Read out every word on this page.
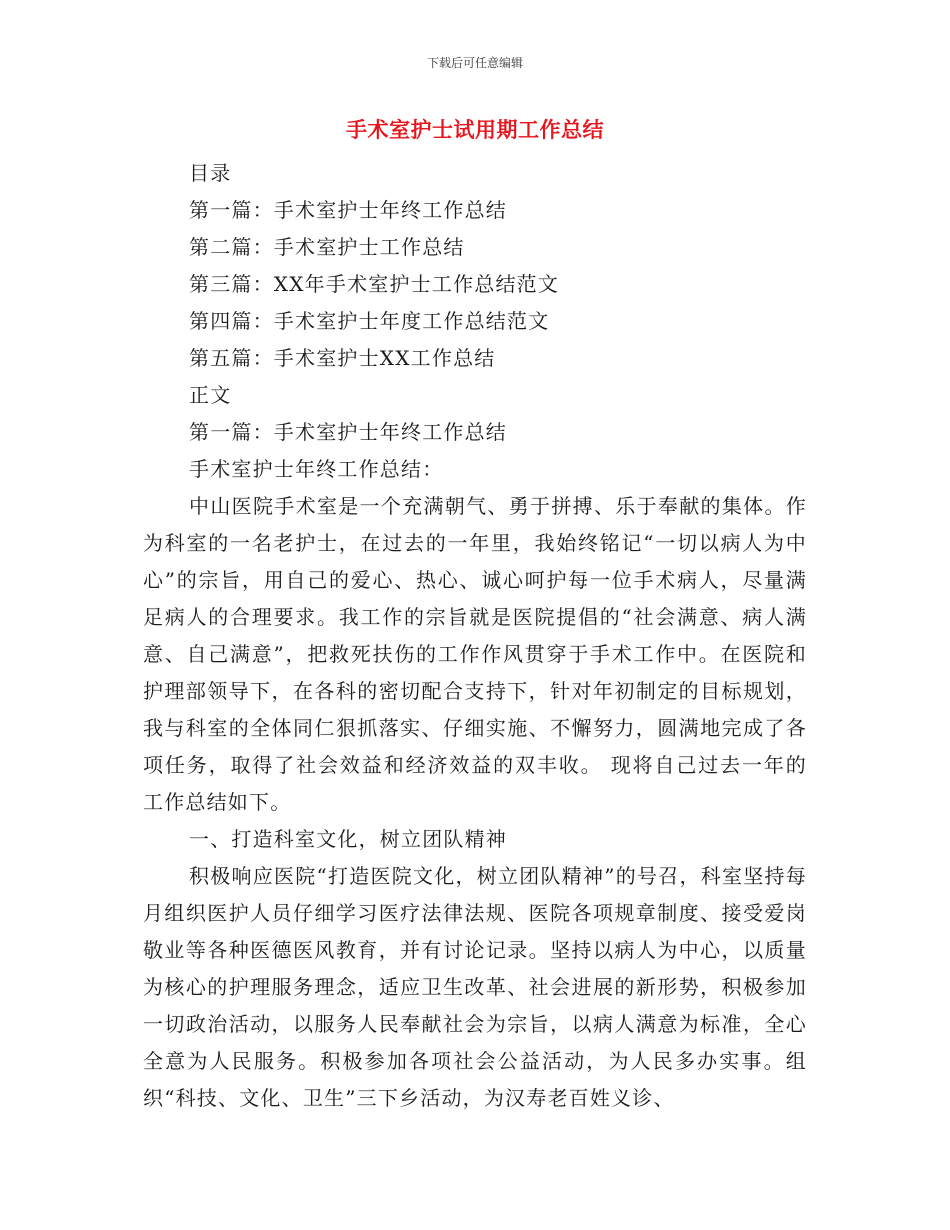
下载后可任意编辑
手术室护士试用期工作总结

目录

第一篇：手术室护士年终工作总结

第二篇：手术室护士工作总结

第三篇：XX年手术室护士工作总结范文

第四篇：手术室护士年度工作总结范文

第五篇：手术室护士XX工作总结

正文

第一篇：手术室护士年终工作总结

手术室护士年终工作总结：

中山医院手术室是一个充满朝气、勇于拼搏、乐于奉献的集体。作为科室的一名老护士，在过去的一年里，我始终铭记“一切以病人为中心”的宗旨，用自己的爱心、热心、诚心呵护每一位手术病人，尽量满足病人的合理要求。我工作的宗旨就是医院提倡的“社会满意、病人满意、自己满意”，把救死扶伤的工作作风贯穿于手术工作中。在医院和护理部领导下，在各科的密切配合支持下，针对年初制定的目标规划，我与科室的全体同仁狠抓落实、仔细实施、不懈努力，圆满地完成了各项任务，取得了社会效益和经济效益的双丰收。 现将自己过去一年的工作总结如下。

一、打造科室文化，树立团队精神

积极响应医院“打造医院文化，树立团队精神”的号召，科室坚持每月组织医护人员仔细学习医疗法律法规、医院各项规章制度、接受爱岗敬业等各种医德医风教育，并有讨论记录。坚持以病人为中心，以质量为核心的护理服务理念，适应卫生改革、社会进展的新形势，积极参加一切政治活动，以服务人民奉献社会为宗旨，以病人满意为标准，全心全意为人民服务。积极参加各项社会公益活动，为人民多办实事。组织“科技、文化、卫生”三下乡活动，为汉寿老百姓义诊、
